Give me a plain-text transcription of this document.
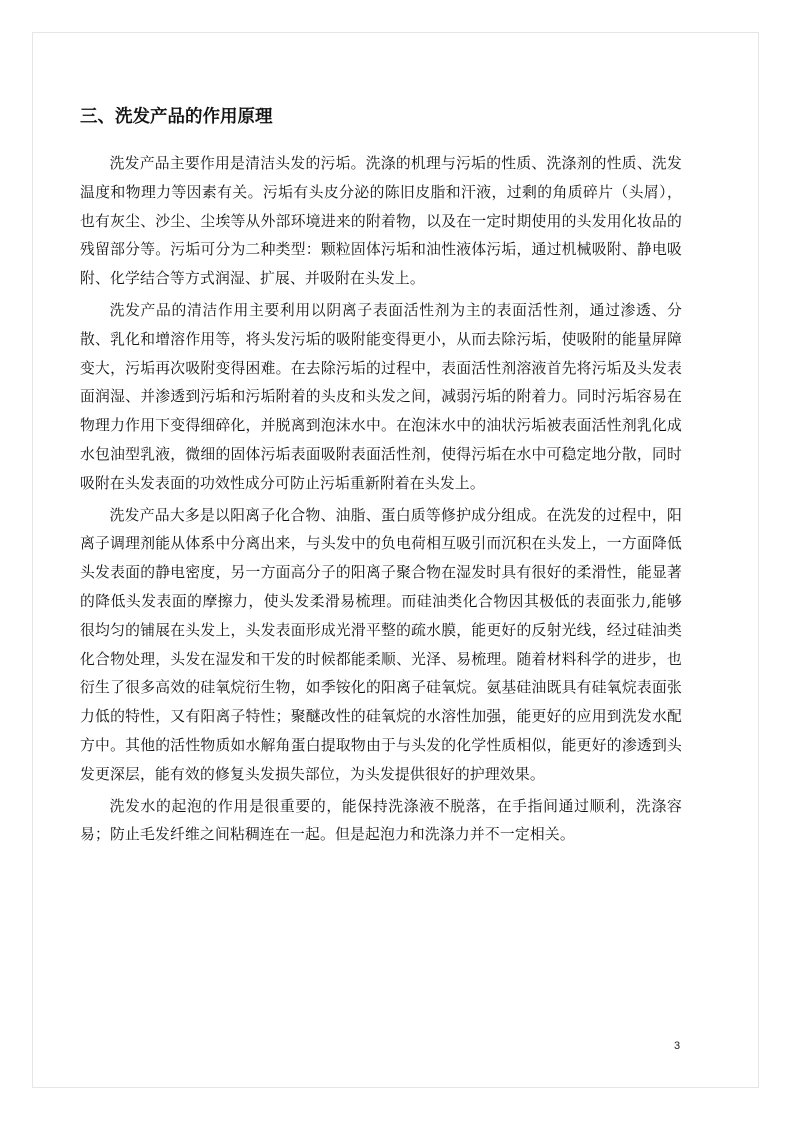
三、洗发产品的作用原理

洗发产品主要作用是清洁头发的污垢。洗涤的机理与污垢的性质、洗涤剂的性质、洗发温度和物理力等因素有关。污垢有头皮分泌的陈旧皮脂和汗液，过剩的角质碎片（头屑），也有灰尘、沙尘、尘埃等从外部环境进来的附着物，以及在一定时期使用的头发用化妆品的残留部分等。污垢可分为二种类型：颗粒固体污垢和油性液体污垢，通过机械吸附、静电吸附、化学结合等方式润湿、扩展、并吸附在头发上。

洗发产品的清洁作用主要利用以阴离子表面活性剂为主的表面活性剂，通过渗透、分散、乳化和增溶作用等，将头发污垢的吸附能变得更小，从而去除污垢，使吸附的能量屏障变大，污垢再次吸附变得困难。在去除污垢的过程中，表面活性剂溶液首先将污垢及头发表面润湿、并渗透到污垢和污垢附着的头皮和头发之间，减弱污垢的附着力。同时污垢容易在物理力作用下变得细碎化，并脱离到泡沫水中。在泡沫水中的油状污垢被表面活性剂乳化成水包油型乳液，微细的固体污垢表面吸附表面活性剂，使得污垢在水中可稳定地分散，同时吸附在头发表面的功效性成分可防止污垢重新附着在头发上。

洗发产品大多是以阳离子化合物、油脂、蛋白质等修护成分组成。在洗发的过程中，阳离子调理剂能从体系中分离出来，与头发中的负电荷相互吸引而沉积在头发上，一方面降低头发表面的静电密度，另一方面高分子的阳离子聚合物在湿发时具有很好的柔滑性，能显著的降低头发表面的摩擦力，使头发柔滑易梳理。而硅油类化合物因其极低的表面张力,能够很均匀的铺展在头发上，头发表面形成光滑平整的疏水膜，能更好的反射光线，经过硅油类化合物处理，头发在湿发和干发的时候都能柔顺、光泽、易梳理。随着材料科学的进步，也衍生了很多高效的硅氧烷衍生物，如季铵化的阳离子硅氧烷。氨基硅油既具有硅氧烷表面张力低的特性，又有阳离子特性；聚醚改性的硅氧烷的水溶性加强，能更好的应用到洗发水配方中。其他的活性物质如水解角蛋白提取物由于与头发的化学性质相似，能更好的渗透到头发更深层，能有效的修复头发损失部位，为头发提供很好的护理效果。

洗发水的起泡的作用是很重要的，能保持洗涤液不脱落，在手指间通过顺利，洗涤容易；防止毛发纤维之间粘稠连在一起。但是起泡力和洗涤力并不一定相关。

3
